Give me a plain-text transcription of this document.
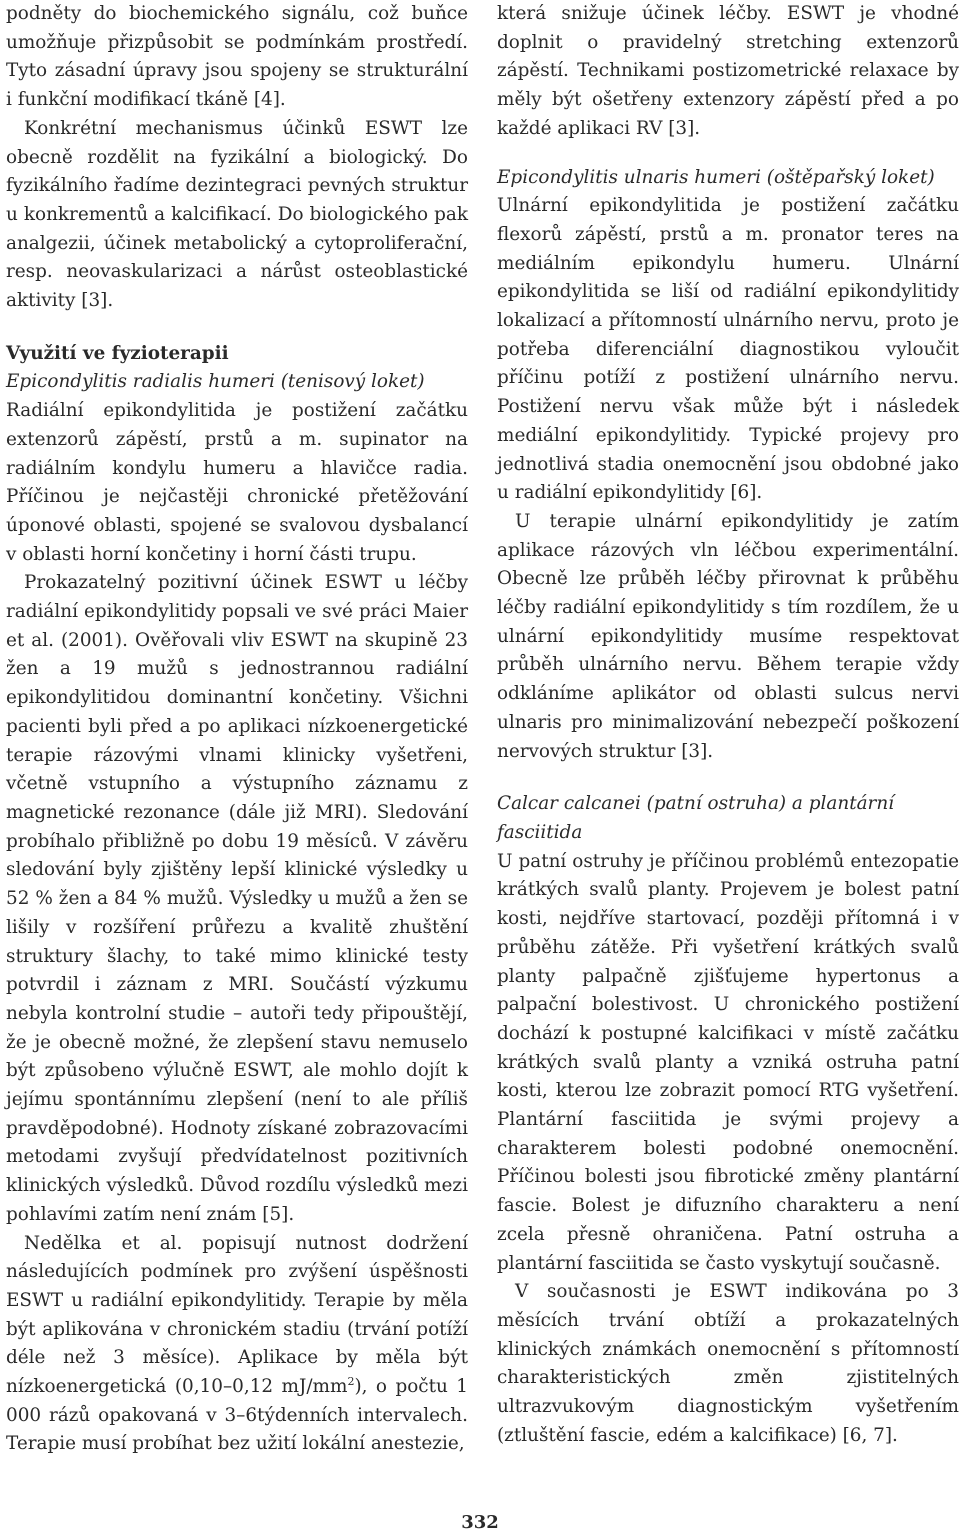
podněty do biochemického signálu, což buňce umožňuje přizpůsobit se podmínkám prostředí. Tyto zásadní úpravy jsou spojeny se strukturální i funkční modifikací tkáně [4].

Konkrétní mechanismus účinků ESWT lze obecně rozdělit na fyzikální a biologický. Do fyzikálního řadíme dezintegraci pevných struktur u konkrementů a kalcifikací. Do biologického pak analgezii, účinek metabolický a cytoproliferační, resp. neovaskularizaci a nárůst osteoblastické aktivity [3].

Využití ve fyzioterapii
Epicondylitis radialis humeri (tenisový loket)

Radiální epikondylitida je postižení začátku extenzorů zápěstí, prstů a m. supinator na radiálním kondylu humeru a hlavičce radia. Příčinou je nejčastěji chronické přetěžování úponové oblasti, spojené se svalovou dysbalancí v oblasti horní končetiny i horní části trupu.

Prokazatelný pozitivní účinek ESWT u léčby radiální epikondylitidy popsali ve své práci Maier et al. (2001). Ověřovali vliv ESWT na skupině 23 žen a 19 mužů s jednostrannou radiální epikondylitidou dominantní končetiny. Všichni pacienti byli před a po aplikaci nízkoenergetické terapie rázovými vlnami klinicky vyšetřeni, včetně vstupního a výstupního záznamu z magnetické rezonance (dále již MRI). Sledování probíhalo přibližně po dobu 19 měsíců. V závěru sledování byly zjištěny lepší klinické výsledky u 52 % žen a 84 % mužů. Výsledky u mužů a žen se lišily v rozšíření průřezu a kvalitě zhuštění struktury šlachy, to také mimo klinické testy potvrdil i záznam z MRI. Součástí výzkumu nebyla kontrolní studie – autoři tedy připouštějí, že je obecně možné, že zlepšení stavu nemuselo být způsobeno výlučně ESWT, ale mohlo dojít k jejímu spontánnímu zlepšení (není to ale příliš pravděpodobné). Hodnoty získané zobrazovacími metodami zvyšují předvídatelnost pozitivních klinických výsledků. Důvod rozdílu výsledků mezi pohlavími zatím není znám [5].

Nedělka et al. popisují nutnost dodržení následujících podmínek pro zvýšení úspěšnosti ESWT u radiální epikondylitidy. Terapie by měla být aplikována v chronickém stadiu (trvání potíží déle než 3 měsíce). Aplikace by měla být nízkoenergetická (0,10–0,12 $mJ/mm^2$), o počtu 1 000 rázů opakovaná v 3–6týdenních intervalech. Terapie musí probíhat bez užití lokální anestezie,

která snižuje účinek léčby. ESWT je vhodné doplnit o pravidelný stretching extenzorů zápěstí. Technikami postizometrické relaxace by měly být ošetřeny extenzory zápěstí před a po každé aplikaci RV [3].

Epicondylitis ulnaris humeri (oštěpařský loket)

Ulnární epikondylitida je postižení začátku flexorů zápěstí, prstů a m. pronator teres na mediálním epikondylu humeru. Ulnární epikondylitida se liší od radiální epikondylitidy lokalizací a přítomností ulnárního nervu, proto je potřeba diferenciální diagnostikou vyloučit příčinu potíží z postižení ulnárního nervu. Postižení nervu však může být i následek mediální epikondylitidy. Typické projevy pro jednotlivá stadia onemocnění jsou obdobné jako u radiální epikondylitidy [6].

U terapie ulnární epikondylitidy je zatím aplikace rázových vln léčbou experimentální. Obecně lze průběh léčby přirovnat k průběhu léčby radiální epikondylitidy s tím rozdílem, že u ulnární epikondylitidy musíme respektovat průběh ulnárního nervu. Během terapie vždy odkláníme aplikátor od oblasti sulcus nervi ulnaris pro minimalizování nebezpečí poškození nervových struktur [3].

Calcar calcanei (patní ostruha) a plantární fasciitida

U patní ostruhy je příčinou problémů entezopatie krátkých svalů planty. Projevem je bolest patní kosti, nejdříve startovací, později přítomná i v průběhu zátěže. Při vyšetření krátkých svalů planty palpačně zjišťujeme hypertonus a palpační bolestivost. U chronického postižení dochází k postupné kalcifikaci v místě začátku krátkých svalů planty a vzniká ostruha patní kosti, kterou lze zobrazit pomocí RTG vyšetření. Plantární fasciitida je svými projevy a charakterem bolesti podobné onemocnění. Příčinou bolesti jsou fibrotické změny plantární fascie. Bolest je difuzního charakteru a není zcela přesně ohraničena. Patní ostruha a plantární fasciitida se často vyskytují současně.

V současnosti je ESWT indikována po 3 měsících trvání obtíží a prokazatelných klinických známkách onemocnění s přítomností charakteristických změn zjistitelných ultrazvukovým diagnostickým vyšetřením (ztluštění fascie, edém a kalcifikace) [6, 7].

332
